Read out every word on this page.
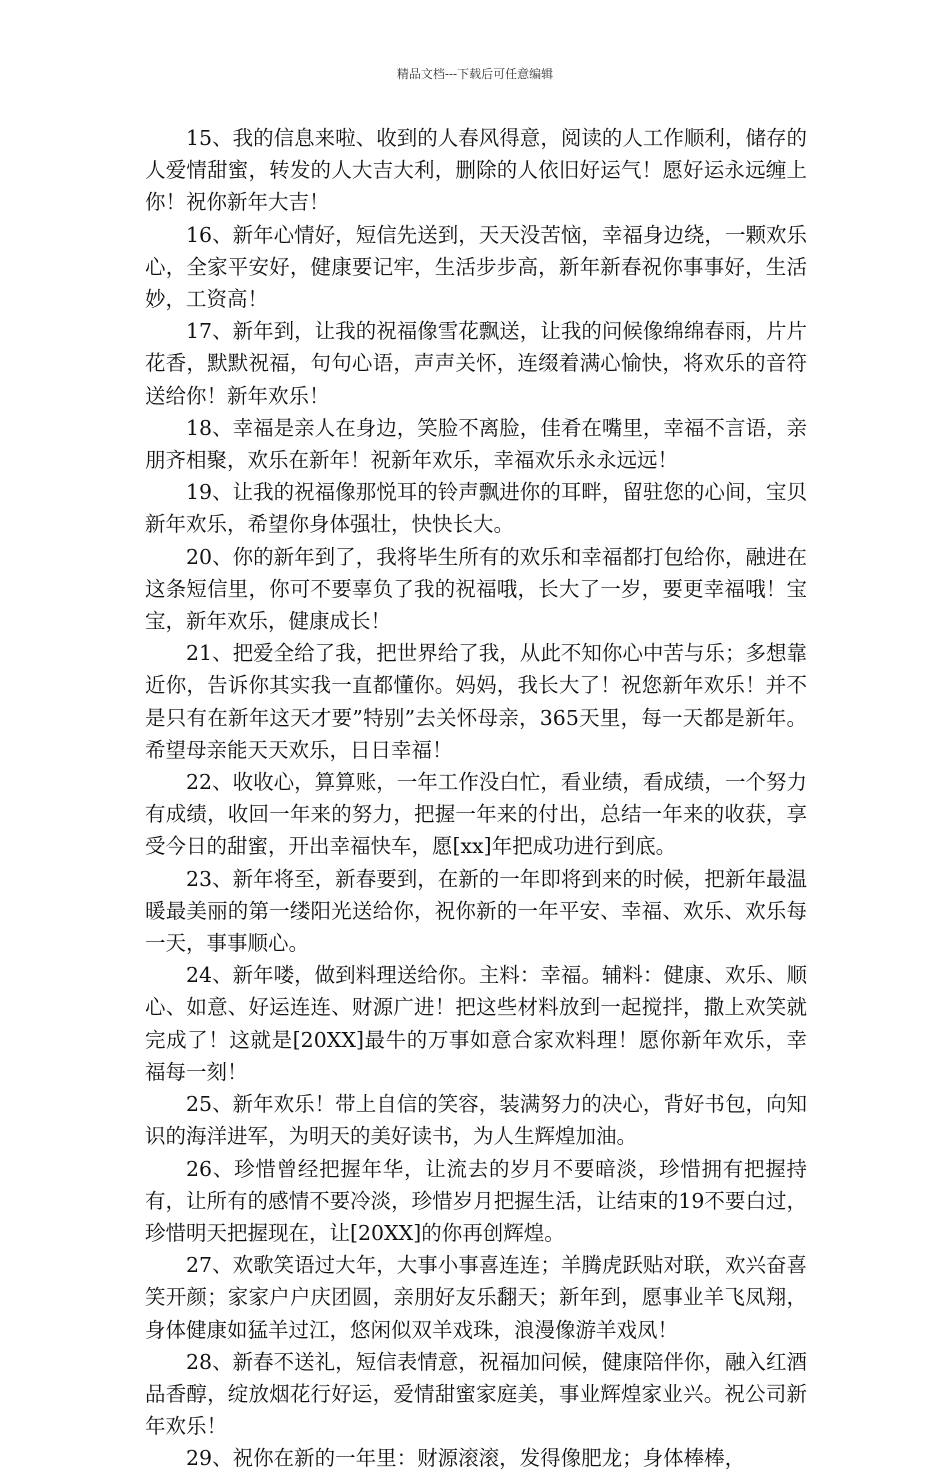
精品文档---下载后可任意编辑

15、我的信息来啦、收到的人春风得意，阅读的人工作顺利，储存的人爱情甜蜜，转发的人大吉大利，删除的人依旧好运气！愿好运永远缠上你！祝你新年大吉！

16、新年心情好，短信先送到，天天没苦恼，幸福身边绕，一颗欢乐心，全家平安好，健康要记牢，生活步步高，新年新春祝你事事好，生活妙，工资高！

17、新年到，让我的祝福像雪花飘送，让我的问候像绵绵春雨，片片花香，默默祝福，句句心语，声声关怀，连缀着满心愉快，将欢乐的音符送给你！新年欢乐！

18、幸福是亲人在身边，笑脸不离脸，佳肴在嘴里，幸福不言语，亲朋齐相聚，欢乐在新年！祝新年欢乐，幸福欢乐永永远远！

19、让我的祝福像那悦耳的铃声飘进你的耳畔，留驻您的心间，宝贝新年欢乐，希望你身体强壮，快快长大。

20、你的新年到了，我将毕生所有的欢乐和幸福都打包给你，融进在这条短信里，你可不要辜负了我的祝福哦，长大了一岁，要更幸福哦！宝宝，新年欢乐，健康成长！

21、把爱全给了我，把世界给了我，从此不知你心中苦与乐；多想靠近你，告诉你其实我一直都懂你。妈妈，我长大了！祝您新年欢乐！并不是只有在新年这天才要”特别”去关怀母亲，365天里，每一天都是新年。希望母亲能天天欢乐，日日幸福！

22、收收心，算算账，一年工作没白忙，看业绩，看成绩，一个努力有成绩，收回一年来的努力，把握一年来的付出，总结一年来的收获，享受今日的甜蜜，开出幸福快车，愿[xx]年把成功进行到底。

23、新年将至，新春要到，在新的一年即将到来的时候，把新年最温暖最美丽的第一缕阳光送给你，祝你新的一年平安、幸福、欢乐、欢乐每一天，事事顺心。

24、新年喽，做到料理送给你。主料：幸福。辅料：健康、欢乐、顺心、如意、好运连连、财源广进！把这些材料放到一起搅拌，撒上欢笑就完成了！这就是[20XX]最牛的万事如意合家欢料理！愿你新年欢乐，幸福每一刻！

25、新年欢乐！带上自信的笑容，装满努力的决心，背好书包，向知识的海洋进军，为明天的美好读书，为人生辉煌加油。

26、珍惜曾经把握年华，让流去的岁月不要暗淡，珍惜拥有把握持有，让所有的感情不要冷淡，珍惜岁月把握生活，让结束的19不要白过，珍惜明天把握现在，让[20XX]的你再创辉煌。

27、欢歌笑语过大年，大事小事喜连连；羊腾虎跃贴对联，欢兴奋喜笑开颜；家家户户庆团圆，亲朋好友乐翻天；新年到，愿事业羊飞凤翔，身体健康如猛羊过江，悠闲似双羊戏珠，浪漫像游羊戏凤！

28、新春不送礼，短信表情意，祝福加问候，健康陪伴你，融入红酒品香醇，绽放烟花行好运，爱情甜蜜家庭美，事业辉煌家业兴。祝公司新年欢乐！

29、祝你在新的一年里：财源滚滚，发得像肥龙；身体棒棒，
